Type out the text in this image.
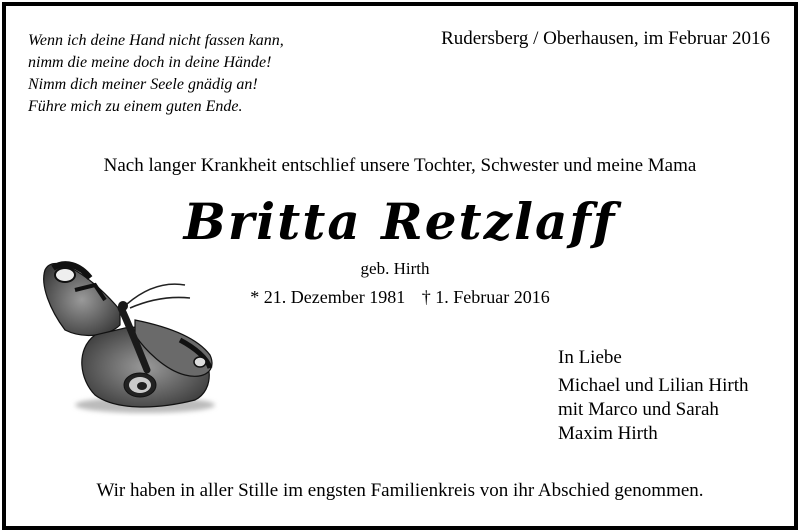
Wenn ich deine Hand nicht fassen kann,
nimm die meine doch in deine Hände!
Nimm dich meiner Seele gnädig an!
Führe mich zu einem guten Ende.
Rudersberg / Oberhausen, im Februar 2016
Nach langer Krankheit entschlief unsere Tochter, Schwester und meine Mama
Britta Retzlaff
geb. Hirth
* 21. Dezember 1981 † 1. Februar 2016
In Liebe
Michael und Lilian Hirth
mit Marco und Sarah
Maxim Hirth
Wir haben in aller Stille im engsten Familienkreis von ihr Abschied genommen.
